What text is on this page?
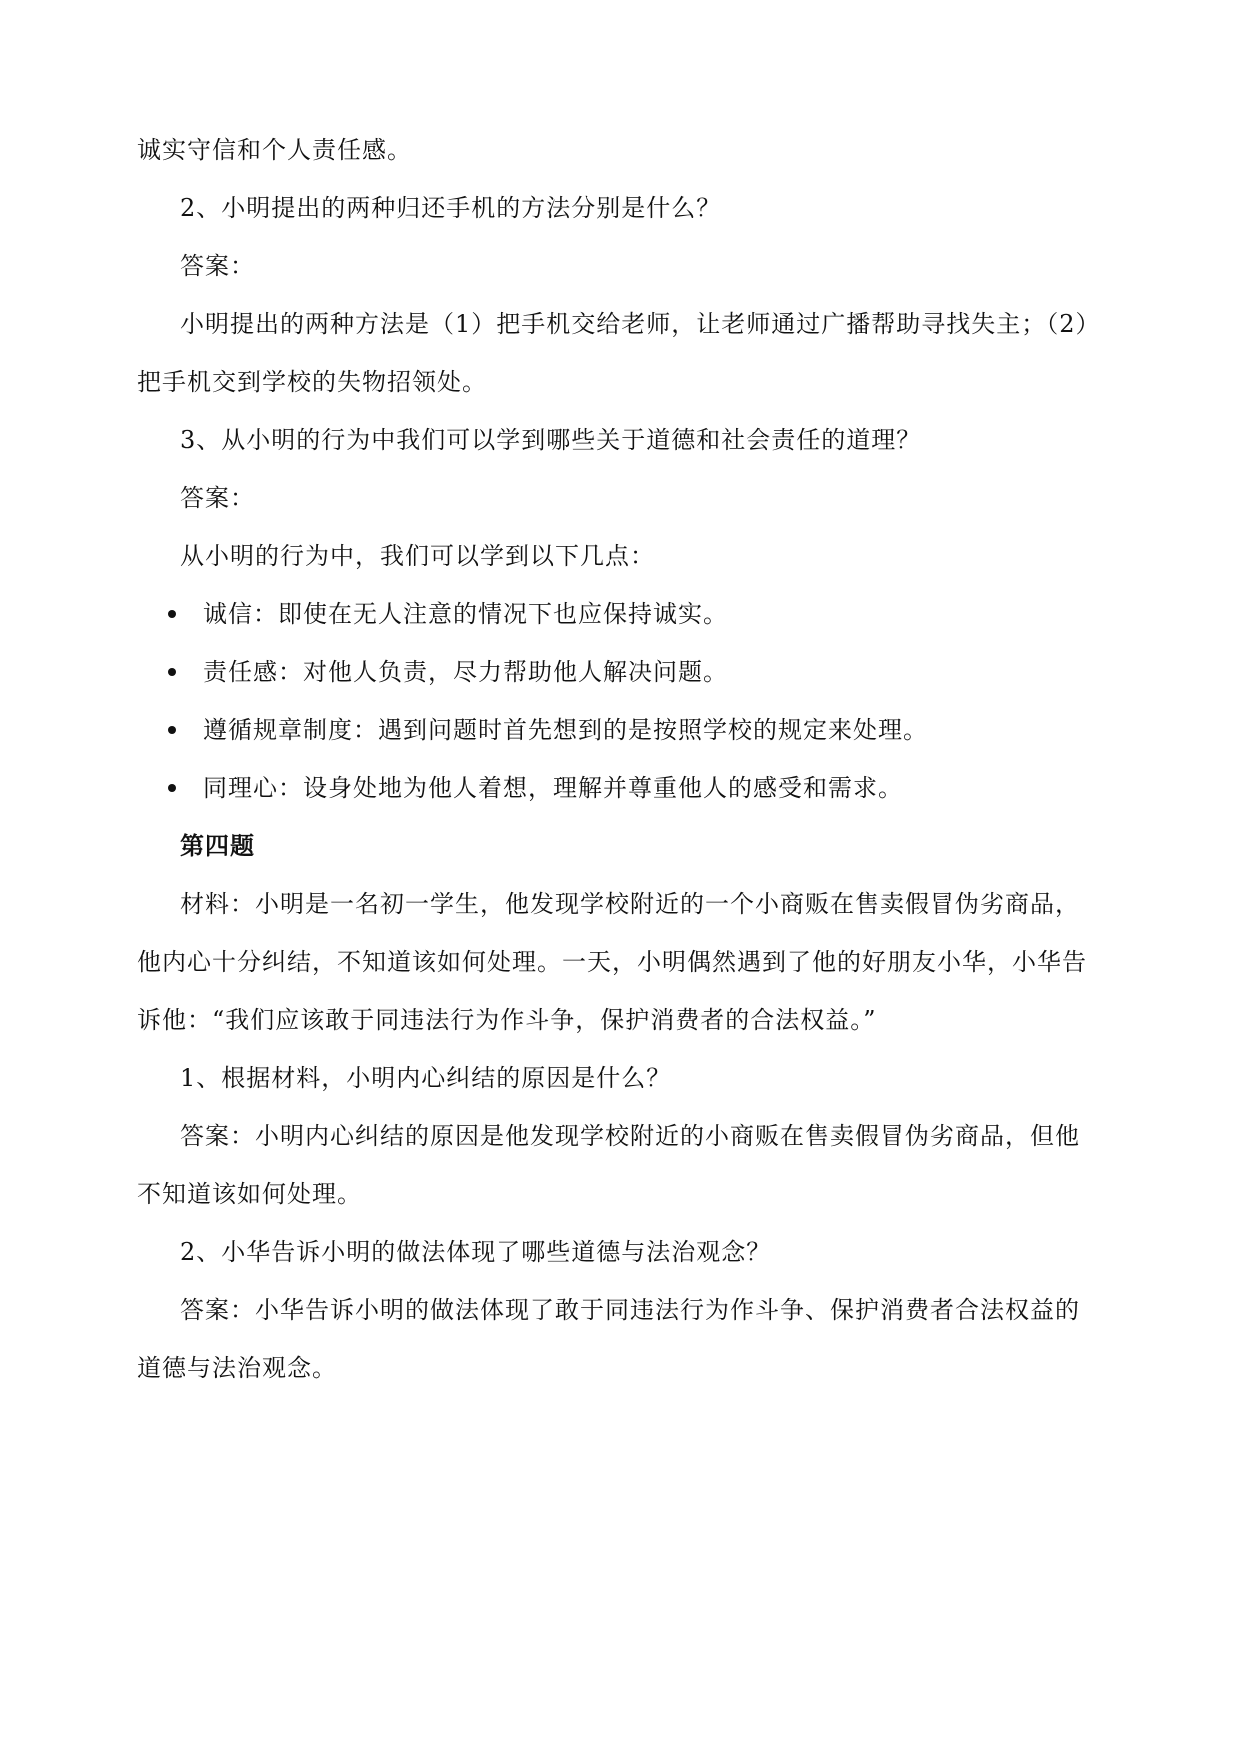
诚实守信和个人责任感。
2、小明提出的两种归还手机的方法分别是什么？
答案：
小明提出的两种方法是（1）把手机交给老师，让老师通过广播帮助寻找失主；（2）
把手机交到学校的失物招领处。
3、从小明的行为中我们可以学到哪些关于道德和社会责任的道理？
答案：
从小明的行为中，我们可以学到以下几点：
诚信：即使在无人注意的情况下也应保持诚实。
责任感：对他人负责，尽力帮助他人解决问题。
遵循规章制度：遇到问题时首先想到的是按照学校的规定来处理。
同理心：设身处地为他人着想，理解并尊重他人的感受和需求。
第四题
材料：小明是一名初一学生，他发现学校附近的一个小商贩在售卖假冒伪劣商品，
他内心十分纠结，不知道该如何处理。一天，小明偶然遇到了他的好朋友小华，小华告
诉他：“我们应该敢于同违法行为作斗争，保护消费者的合法权益。”
1、根据材料，小明内心纠结的原因是什么？
答案：小明内心纠结的原因是他发现学校附近的小商贩在售卖假冒伪劣商品，但他
不知道该如何处理。
2、小华告诉小明的做法体现了哪些道德与法治观念？
答案：小华告诉小明的做法体现了敢于同违法行为作斗争、保护消费者合法权益的
道德与法治观念。
